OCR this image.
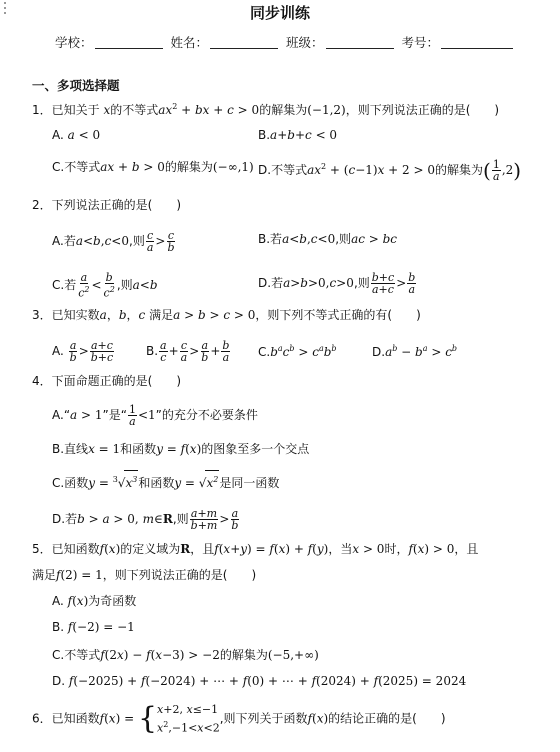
同步训练
学校：	姓名：	班级：	考号：
一、多项选择题
1．已知关于 x的不等式$ax^2$ + bx + c > 0的解集为(−1,2)，则下列说法正确的是(　　)
A. a < 0	B.a+b+c < 0
C.不等式ax + b > 0的解集为(−∞,1) D.不等式$ax^2 + (c-1)x + 2 > 0$的解集为( $\frac{1}{a} ,2$)
2．下列说法正确的是(　　)
A.若a<b,c<0,则 $\frac{c}{a} > \frac{c}{b}$	B.若a<b,c<0,则ac > bc
C.若 $\frac{a}{c^2} < \frac{b}{c^2}$ ,则a<b	D.若a>b>0,c>0,则 $\frac{b+c}{a+c} > \frac{b}{a}$
3．已知实数a，b，c 满足a > b > c > 0，则下列不等式正确的有(　　)
A. $\frac{a}{b} > \frac{a+c}{b+c}$	B. $\frac{a}{c} + \frac{c}{a} > \frac{a}{b} + \frac{b}{a} C.b^ac^b > c^ab^b$	$D.a^b - b^a > c^b$
4．下面命题正确的是(　　)
A.“a > 1”是“ $\frac{1}{a} <1$”的充分不必要条件
B.直线x = 1和函数y = f(x)的图象至多一个交点
C.函数$y = ^3√x^3$和函数$y = √x^2$是同一函数
D.若b > a > 0, m∈R,则 $\frac{a+m}{b+m} > \frac{a}{b}$
5．已知函数f(x)的定义域为R，且f(x+y) = f(x) + f(y)，当x > 0时，f(x) > 0，且
满足f(2) = 1，则下列说法正确的是(　　)
A. f(x)为奇函数
B. f(−2) = −1
C.不等式f(2x) − f(x−3) > −2的解集为(−5,+∞)
D. f(−2025) + f(−2024) + ⋯ + f(0) + ⋯ + f(2024) + f(2025) = 2024
6．已知函数f(x) = { x+2, x≤−1
$x^2,-1<x<2$
,则下列关于函数f(x)的结论正确的是(　　)
